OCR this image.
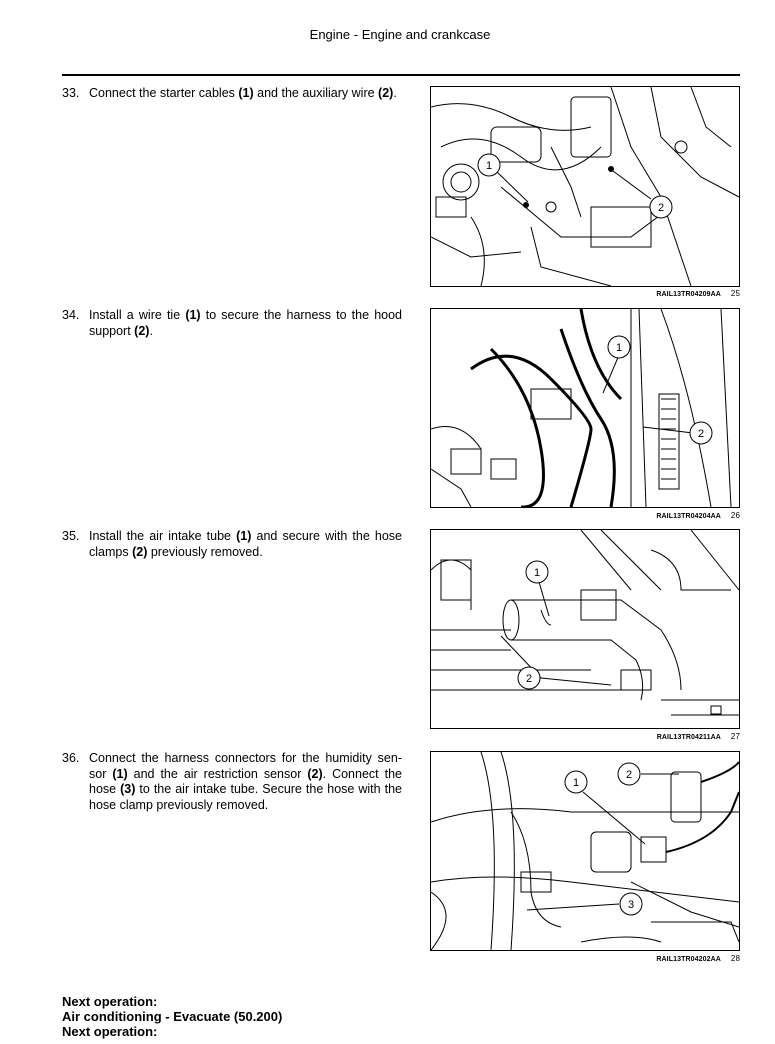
Engine - Engine and crankcase
33. Connect the starter cables (1) and the auxiliary wire (2).
1
2
RAIL13TR04209AA 25
34. Install a wire tie (1) to secure the harness to the hood support (2).
1
2
RAIL13TR04204AA 26
35. Install the air intake tube (1) and secure with the hose clamps (2) previously removed.
1
2
RAIL13TR04211AA 27
36. Connect the harness connectors for the humidity sen-sor (1) and the air restriction sensor (2). Connect the hose (3) to the air intake tube. Secure the hose with the hose clamp previously removed.
1
2
3
RAIL13TR04202AA 28
Next operation:
Air conditioning - Evacuate (50.200)
Next operation:
